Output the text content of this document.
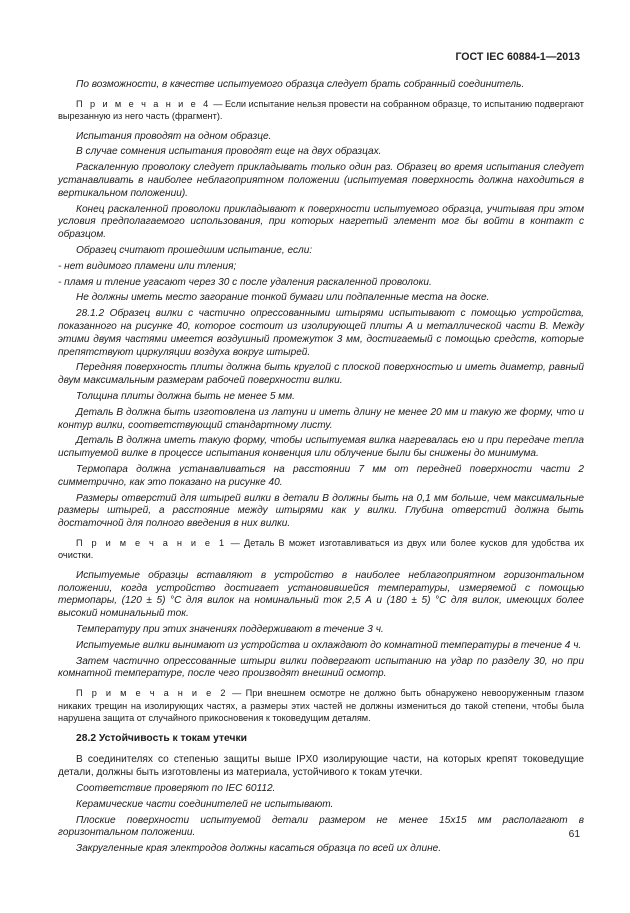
ГОСТ IEC 60884-1—2013

По возможности, в качестве испытуемого образца следует брать собранный соединитель.

П р и м е ч а н и е 4 — Если испытание нельзя провести на собранном образце, то испытанию подвергают вырезанную из него часть (фрагмент).

Испытания проводят на одном образце.

В случае сомнения испытания проводят еще на двух образцах.

Раскаленную проволоку следует прикладывать только один раз. Образец во время испытания следует устанавливать в наиболее неблагоприятном положении (испытуемая поверхность должна находиться в вертикальном положении).

Конец раскаленной проволоки прикладывают к поверхности испытуемого образца, учитывая при этом условия предполагаемого использования, при которых нагретый элемент мог бы войти в контакт с образцом.

Образец считают прошедшим испытание, если:

- нет видимого пламени или тления;

- пламя и тление угасают через 30 с после удаления раскаленной проволоки.

Не должны иметь место загорание тонкой бумаги или подпаленные места на доске.

28.1.2 Образец вилки с частично опрессованными штырями испытывают с помощью устройства, показанного на рисунке 40, которое состоит из изолирующей плиты А и металлической части В. Между этими двумя частями имеется воздушный промежуток 3 мм, достигаемый с помощью средств, которые препятствуют циркуляции воздуха вокруг штырей.

Передняя поверхность плиты должна быть круглой с плоской поверхностью и иметь диаметр, равный двум максимальным размерам рабочей поверхности вилки.

Толщина плиты должна быть не менее 5 мм.

Деталь В должна быть изготовлена из латуни и иметь длину не менее 20 мм и такую же форму, что и контур вилки, соответствующий стандартному листу.

Деталь В должна иметь такую форму, чтобы испытуемая вилка нагревалась ею и при передаче тепла испытуемой вилке в процессе испытания конвенция или облучение были бы снижены до минимума.

Термопара должна устанавливаться на расстоянии 7 мм от передней поверхности части 2 симметрично, как это показано на рисунке 40.

Размеры отверстий для штырей вилки в детали В должны быть на 0,1 мм больше, чем максимальные размеры штырей, а расстояние между штырями как у вилки. Глубина отверстий должна быть достаточной для полного введения в них вилки.

П р и м е ч а н и е 1 — Деталь В может изготавливаться из двух или более кусков для удобства их очистки.

Испытуемые образцы вставляют в устройство в наиболее неблагоприятном горизонтальном положении, когда устройство достигает установившейся температуры, измеряемой с помощью термопары, (120 ± 5) °С для вилок на номинальный ток 2,5 А и (180 ± 5) °С для вилок, имеющих более высокий номинальный ток.

Температуру при этих значениях поддерживают в течение 3 ч.

Испытуемые вилки вынимают из устройства и охлаждают до комнатной температуры в течение 4 ч.

Затем частично опрессованные штыри вилки подвергают испытанию на удар по разделу 30, но при комнатной температуре, после чего производят внешний осмотр.

П р и м е ч а н и е 2 — При внешнем осмотре не должно быть обнаружено невооруженным глазом никаких трещин на изолирующих частях, а размеры этих частей не должны измениться до такой степени, чтобы была нарушена защита от случайного прикосновения к токоведущим деталям.

28.2 Устойчивость к токам утечки

В соединителях со степенью защиты выше IPX0 изолирующие части, на которых крепят токоведущие детали, должны быть изготовлены из материала, устойчивого к токам утечки.

Соответствие проверяют по IEC 60112.

Керамические части соединителей не испытывают.

Плоские поверхности испытуемой детали размером не менее 15х15 мм располагают в горизонтальном положении.

Закругленные края электродов должны касаться образца по всей их длине.

61
